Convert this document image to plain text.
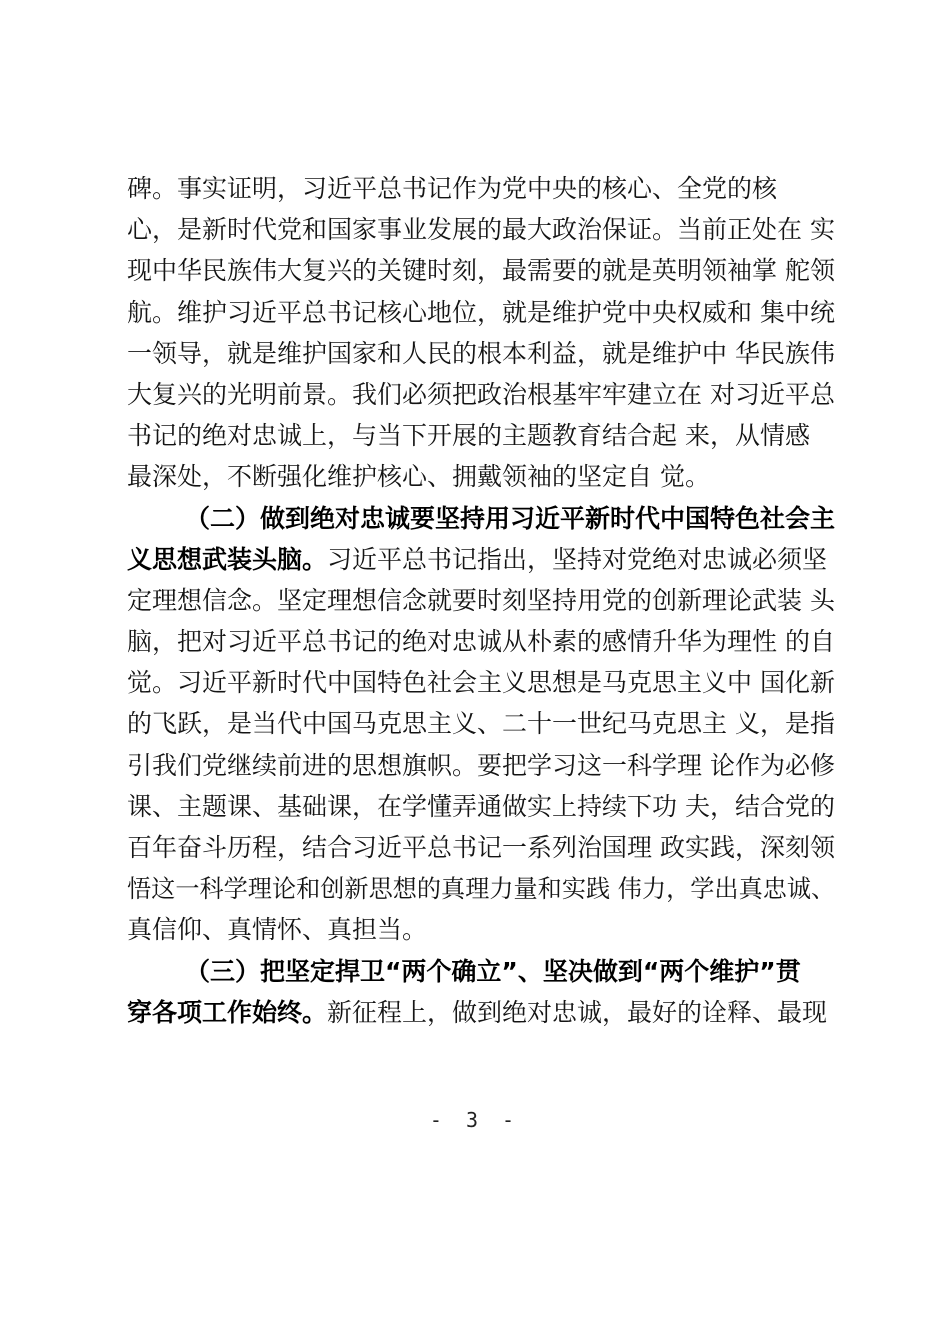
碑。事实证明，习近平总书记作为党中央的核心、全党的核
心，是新时代党和国家事业发展的最大政治保证。当前正处在 实
现中华民族伟大复兴的关键时刻，最需要的就是英明领袖掌 舵领
航。维护习近平总书记核心地位，就是维护党中央权威和 集中统
一领导，就是维护国家和人民的根本利益，就是维护中 华民族伟
大复兴的光明前景。我们必须把政治根基牢牢建立在 对习近平总
书记的绝对忠诚上，与当下开展的主题教育结合起 来，从情感
最深处，不断强化维护核心、拥戴领袖的坚定自 觉。
（二）做到绝对忠诚要坚持用习近平新时代中国特色社会主
义思想武装头脑。习近平总书记指出，坚持对党绝对忠诚必须坚
定理想信念。坚定理想信念就要时刻坚持用党的创新理论武装 头
脑，把对习近平总书记的绝对忠诚从朴素的感情升华为理性 的自
觉。习近平新时代中国特色社会主义思想是马克思主义中 国化新
的飞跃，是当代中国马克思主义、二十一世纪马克思主 义，是指
引我们党继续前进的思想旗帜。要把学习这一科学理 论作为必修
课、主题课、基础课，在学懂弄通做实上持续下功 夫，结合党的
百年奋斗历程，结合习近平总书记一系列治国理 政实践，深刻领
悟这一科学理论和创新思想的真理力量和实践 伟力，学出真忠诚、
真信仰、真情怀、真担当。
（三）把坚定捍卫“两个确立”、坚决做到“两个维护”贯
穿各项工作始终。新征程上，做到绝对忠诚，最好的诠释、最现
- 3 -
